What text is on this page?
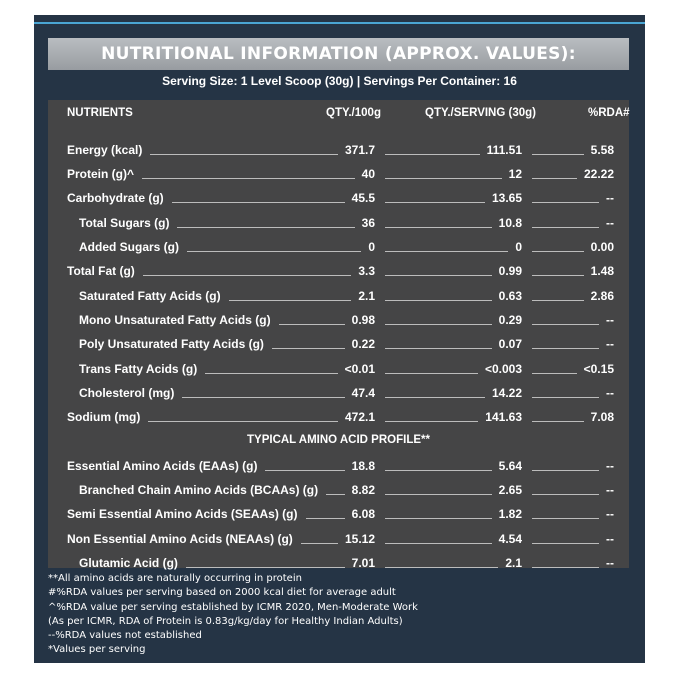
NUTRITIONAL INFORMATION (APPROX. VALUES):
Serving Size: 1 Level Scoop (30g) | Servings Per Container: 16
NUTRIENTS	QTY./100g	QTY./SERVING (30g)	%RDA#
Energy (kcal)	371.7	111.51	5.58
Protein (g)^	40	12	22.22
Carbohydrate (g)	45.5	13.65	--
Total Sugars (g)	36	10.8	--
Added Sugars (g)	0	0	0.00
Total Fat (g)	3.3	0.99	1.48
Saturated Fatty Acids (g)	2.1	0.63	2.86
Mono Unsaturated Fatty Acids (g)	0.98	0.29	--
Poly Unsaturated Fatty Acids (g)	0.22	0.07	--
Trans Fatty Acids (g)	<0.01	<0.003	<0.15
Cholesterol (mg)	47.4	14.22	--
Sodium (mg)	472.1	141.63	7.08
TYPICAL AMINO ACID PROFILE**
Essential Amino Acids (EAAs) (g)	18.8	5.64	--
Branched Chain Amino Acids (BCAAs) (g)	8.82	2.65	--
Semi Essential Amino Acids (SEAAs) (g)	6.08	1.82	--
Non Essential Amino Acids (NEAAs) (g)	15.12	4.54	--
Glutamic Acid (g)	7.01	2.1	--
**All amino acids are naturally occurring in protein
#%RDA values per serving based on 2000 kcal diet for average adult
^%RDA value per serving established by ICMR 2020, Men-Moderate Work
(As per ICMR, RDA of Protein is 0.83g/kg/day for Healthy Indian Adults)
--%RDA values not established
*Values per serving
